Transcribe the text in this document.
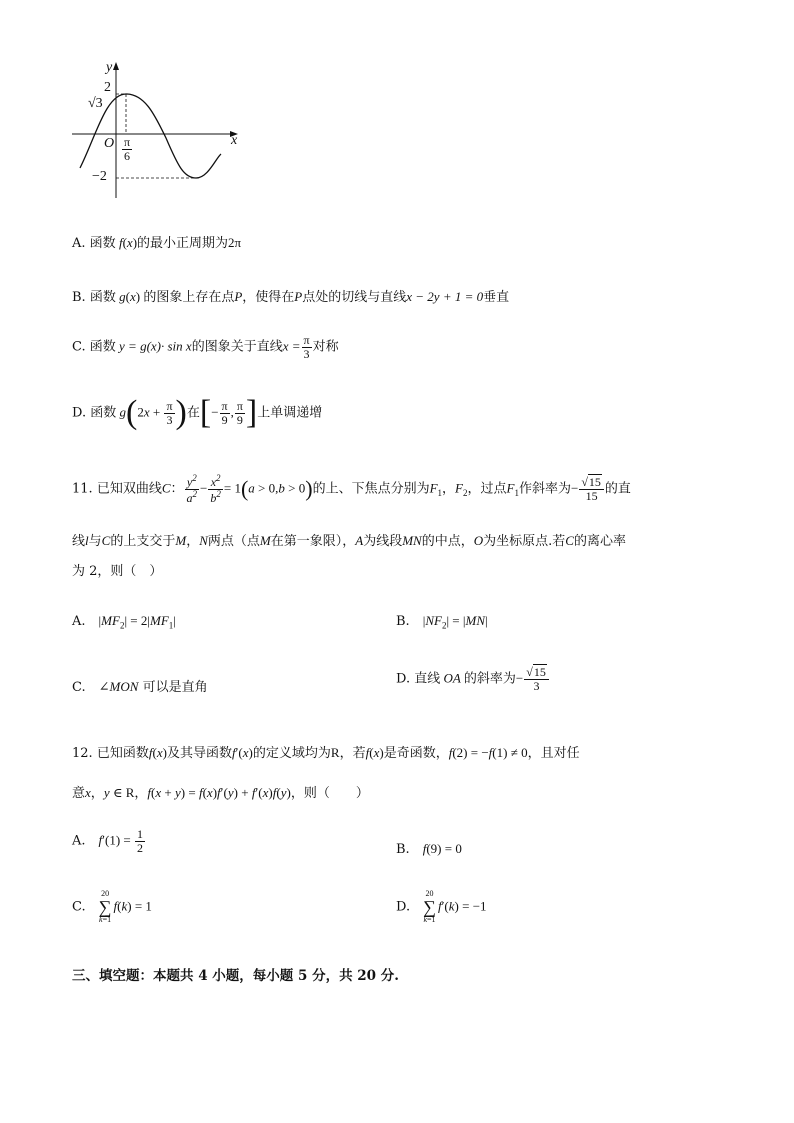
y
x
2
√3
O $\frac{\pi}{6}$
−2
A. 函数 f(x)的最小正周期为2π
B. 函数 g(x) 的图象上存在点P，使得在P点处的切线与直线x − 2y + 1 = 0垂直
C. 函数 y = g(x)· sin x的图象关于直线$x = \frac{\pi}{3}$ 对称
D. 函数 $g(2x + \frac{\pi}{3}$ )在[− $\frac{\pi}{9}$ , $\frac{\pi}{9}$ ]上单调递增
11. 已知双曲线C： $\frac{y^2}{a^2} - \frac{x^2}{b^2} = 1(a > 0,b > 0)$的上、下焦点分别为$F_1$，$F_2$，过点$F_1$作斜率为− $\frac{√15}{15}$ 的直
线l与C的上支交于M，N两点（点M在第一象限），A为线段MN的中点，O为坐标原点.若C的离心率
为 2，则（　）
A.　 $|MF_2| = 2|MF_1|$	B.　 $|NF_2| = |MN|$
C.　 ∠MON 可以是直角
D. 直线 OA 的斜率为− $\frac{√15}{3}$
12. 已知函数f(x)及其导函数f′(x)的定义域均为R，若f(x)是奇函数，f(2) = −f(1) ≠ 0，且对任
意x，y ∈ R，f(x + y) = f(x)f′(y) + f′(x)f(y)，则（　　）
A.　 $f'(1) = \frac{1}{2}$	B.　 f(9) = 0
C.　
20
∑
k=1
f(k) = 1	D.　
20
∑
k=1
f′(k) = −1
三、填空题：本题共 4 小题，每小题 5 分，共 20 分.
